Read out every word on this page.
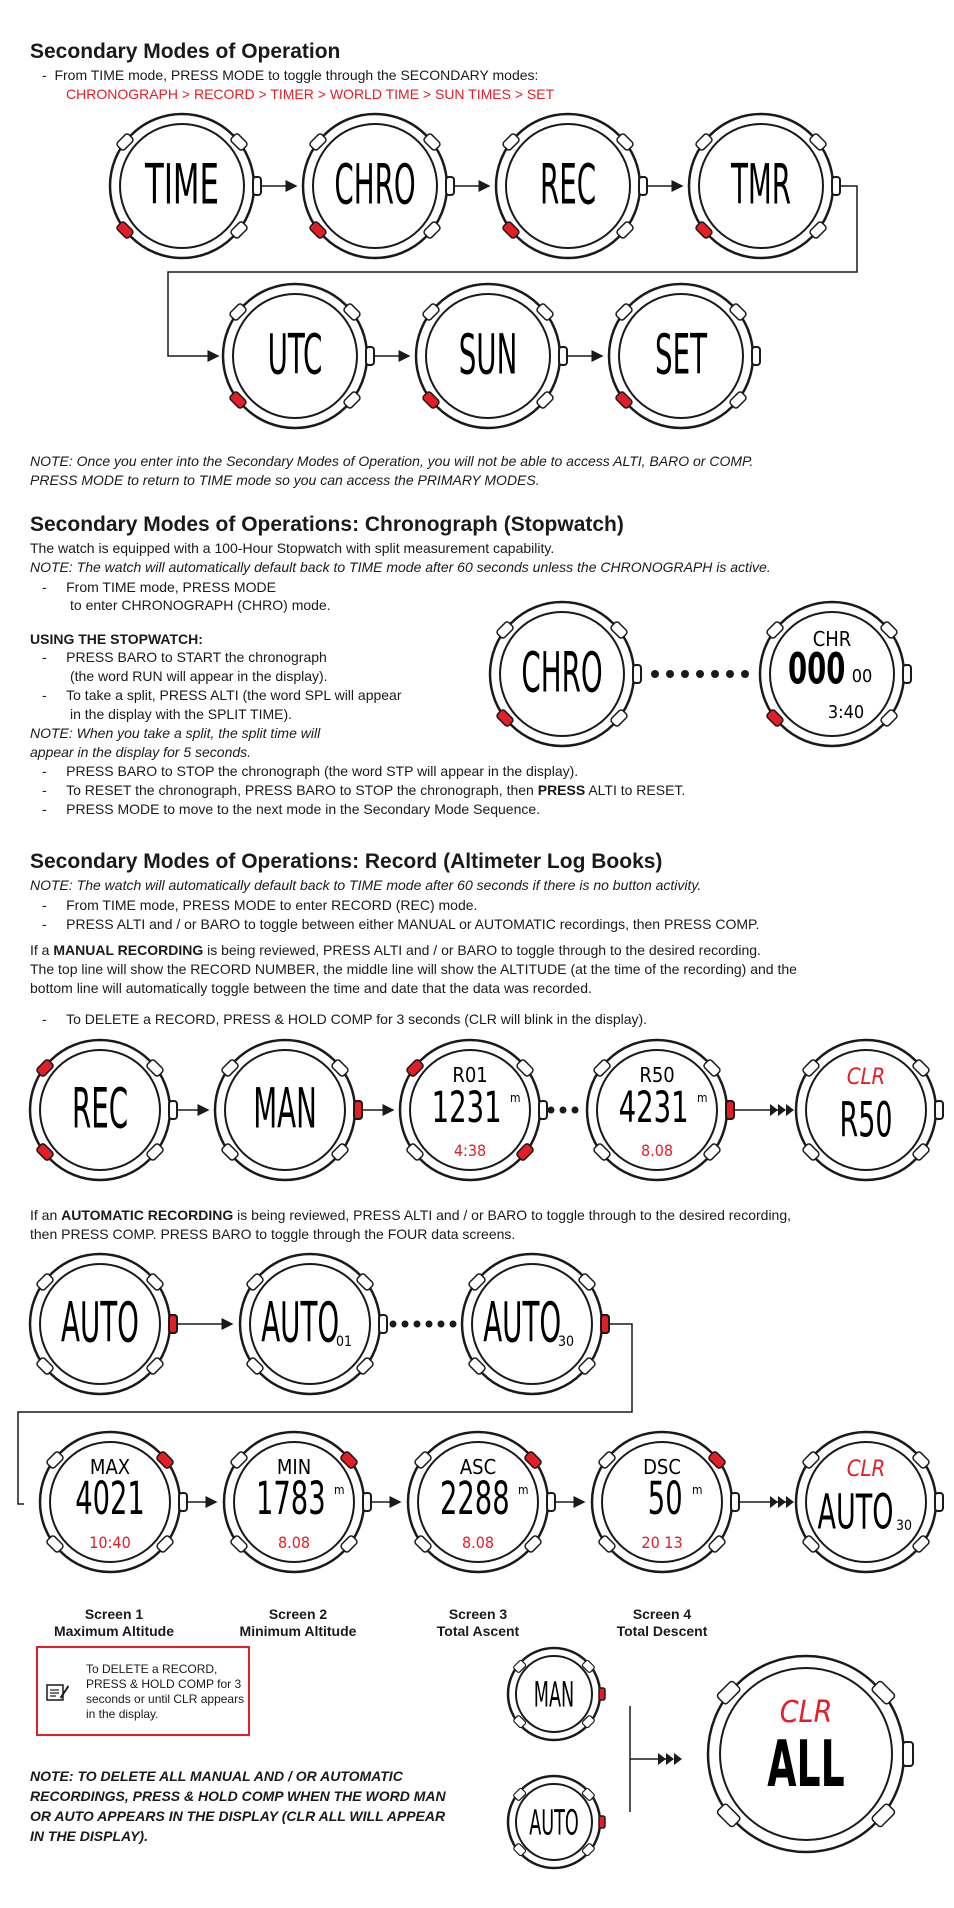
Secondary Modes of Operation
-  From TIME mode, PRESS MODE to toggle through the SECONDARY modes:
CHRONOGRAPH > RECORD > TIMER > WORLD TIME > SUN TIMES > SET
TIME	CHRO	REC	TMR
UTC	SUN	SET
NOTE: Once you enter into the Secondary Modes of Operation, you will not be able to access ALTI, BARO or COMP.
PRESS MODE to return to TIME mode so you can access the PRIMARY MODES.
Secondary Modes of Operations: Chronograph (Stopwatch)
The watch is equipped with a 100-Hour Stopwatch with split measurement capability.
NOTE: The watch will automatically default back to TIME mode after 60 seconds unless the CHRONOGRAPH is active.
-     From TIME mode, PRESS MODE
to enter CHRONOGRAPH (CHRO) mode.
USING THE STOPWATCH:
-     PRESS BARO to START the chronograph
(the word RUN will appear in the display).
-     To take a split, PRESS ALTI (the word SPL will appear
in the display with the SPLIT TIME).
NOTE: When you take a split, the split time will
appear in the display for 5 seconds.
-     PRESS BARO to STOP the chronograph (the word STP will appear in the display).
-     To RESET the chronograph, PRESS BARO to STOP the chronograph, then PRESS ALTI to RESET.
-     PRESS MODE to move to the next mode in the Secondary Mode Sequence.
CHRO
CHR
000 00
3:40
Secondary Modes of Operations: Record (Altimeter Log Books)
NOTE: The watch will automatically default back to TIME mode after 60 seconds if there is no button activity.
-     From TIME mode, PRESS MODE to enter RECORD (REC) mode.
-     PRESS ALTI and / or BARO to toggle between either MANUAL or AUTOMATIC recordings, then PRESS COMP.
If a MANUAL RECORDING is being reviewed, PRESS ALTI and / or BARO to toggle through to the desired recording.
The top line will show the RECORD NUMBER, the middle line will show the ALTITUDE (at the time of the recording) and the
bottom line will automatically toggle between the time and date that the data was recorded.
-     To DELETE a RECORD, PRESS & HOLD COMP for 3 seconds (CLR will blink in the display).
REC	MAN
R01
1231 m
4:38
R50
4231 m
8.08
CLR
R50
If an AUTOMATIC RECORDING is being reviewed, PRESS ALTI and / or BARO to toggle through to the desired recording,
then PRESS COMP. PRESS BARO to toggle through the FOUR data screens.
AUTO	AUTO
01	AUTO
30
MAX
4021
10:40
MIN
1783 m
8.08
ASC
2288 m
8.08
DSC
50 m
20 13
CLR
AUTO 30
Screen 1
Maximum Altitude
Screen 2
Minimum Altitude
Screen 3
Total Ascent
Screen 4
Total Descent
To DELETE a RECORD, PRESS & HOLD COMP for 3 seconds or until CLR appears in the display.
NOTE: TO DELETE ALL MANUAL AND / OR AUTOMATIC RECORDINGS, PRESS & HOLD COMP WHEN THE WORD MAN OR AUTO APPEARS IN THE DISPLAY (CLR ALL WILL APPEAR IN THE DISPLAY).
MAN
AUTO
CLR
ALL
